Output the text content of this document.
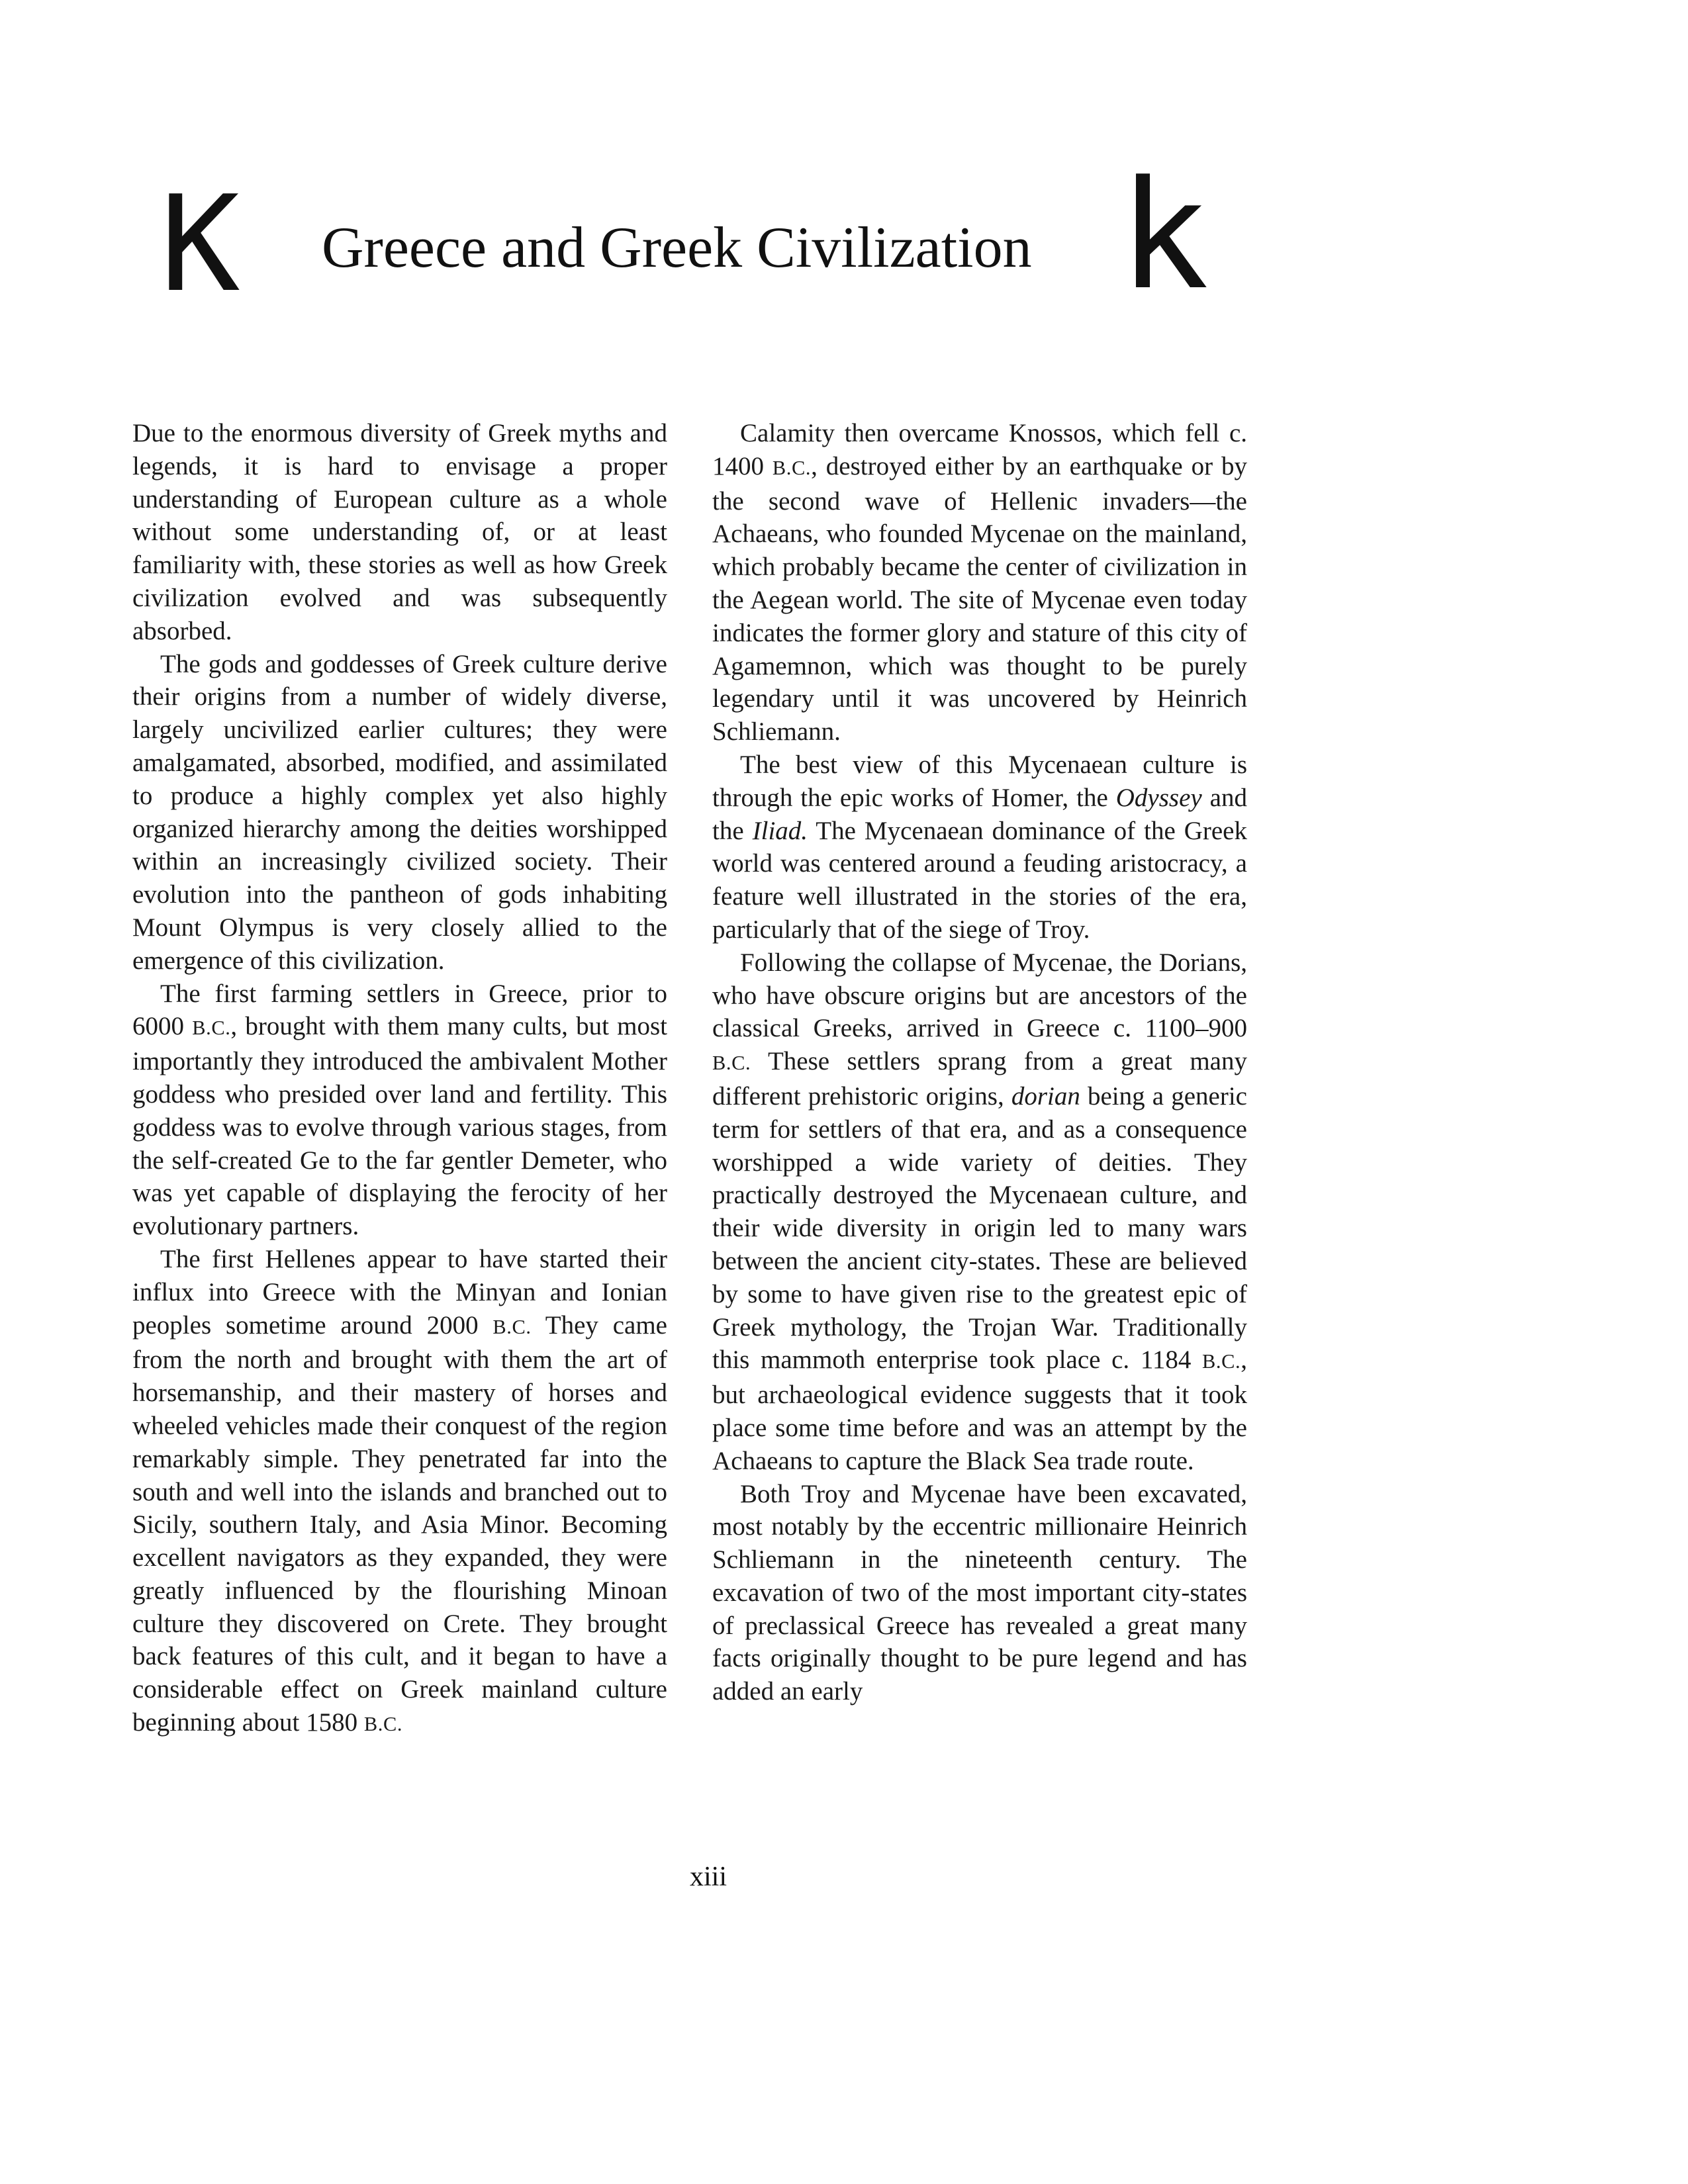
K Greece and Greek Civilization k

Due to the enormous diversity of Greek myths and legends, it is hard to envisage a proper understanding of European culture as a whole without some understanding of, or at least familiarity with, these stories as well as how Greek civilization evolved and was subsequently absorbed.

The gods and goddesses of Greek culture derive their origins from a number of widely diverse, largely uncivilized earlier cultures; they were amalgamated, absorbed, modified, and assimilated to produce a highly complex yet also highly organized hierarchy among the deities worshipped within an increasingly civilized society. Their evolution into the pantheon of gods inhabiting Mount Olympus is very closely allied to the emergence of this civilization.

The first farming settlers in Greece, prior to 6000 B.C., brought with them many cults, but most importantly they introduced the ambivalent Mother goddess who presided over land and fertility. This goddess was to evolve through various stages, from the self-created Ge to the far gentler Demeter, who was yet capable of displaying the ferocity of her evolutionary partners.

The first Hellenes appear to have started their influx into Greece with the Minyan and Ionian peoples sometime around 2000 B.C. They came from the north and brought with them the art of horsemanship, and their mastery of horses and wheeled vehicles made their conquest of the region remarkably simple. They penetrated far into the south and well into the islands and branched out to Sicily, southern Italy, and Asia Minor. Becoming excellent navigators as they expanded, they were greatly influenced by the flourishing Minoan culture they discovered on Crete. They brought back features of this cult, and it began to have a considerable effect on Greek mainland culture beginning about 1580 B.C.

Calamity then overcame Knossos, which fell c. 1400 B.C., destroyed either by an earthquake or by the second wave of Hellenic invaders—the Achaeans, who founded Mycenae on the mainland, which probably became the center of civilization in the Aegean world. The site of Mycenae even today indicates the former glory and stature of this city of Agamemnon, which was thought to be purely legendary until it was uncovered by Heinrich Schliemann.

The best view of this Mycenaean culture is through the epic works of Homer, the Odyssey and the Iliad. The Mycenaean dominance of the Greek world was centered around a feuding aristocracy, a feature well illustrated in the stories of the era, particularly that of the siege of Troy.

Following the collapse of Mycenae, the Dorians, who have obscure origins but are ancestors of the classical Greeks, arrived in Greece c. 1100–900 B.C. These settlers sprang from a great many different prehistoric origins, dorian being a generic term for settlers of that era, and as a consequence worshipped a wide variety of deities. They practically destroyed the Mycenaean culture, and their wide diversity in origin led to many wars between the ancient city-states. These are believed by some to have given rise to the greatest epic of Greek mythology, the Trojan War. Traditionally this mammoth enterprise took place c. 1184 B.C., but archaeological evidence suggests that it took place some time before and was an attempt by the Achaeans to capture the Black Sea trade route.

Both Troy and Mycenae have been excavated, most notably by the eccentric millionaire Heinrich Schliemann in the nineteenth century. The excavation of two of the most important city-states of preclassical Greece has revealed a great many facts originally thought to be pure legend and has added an early

xiii
